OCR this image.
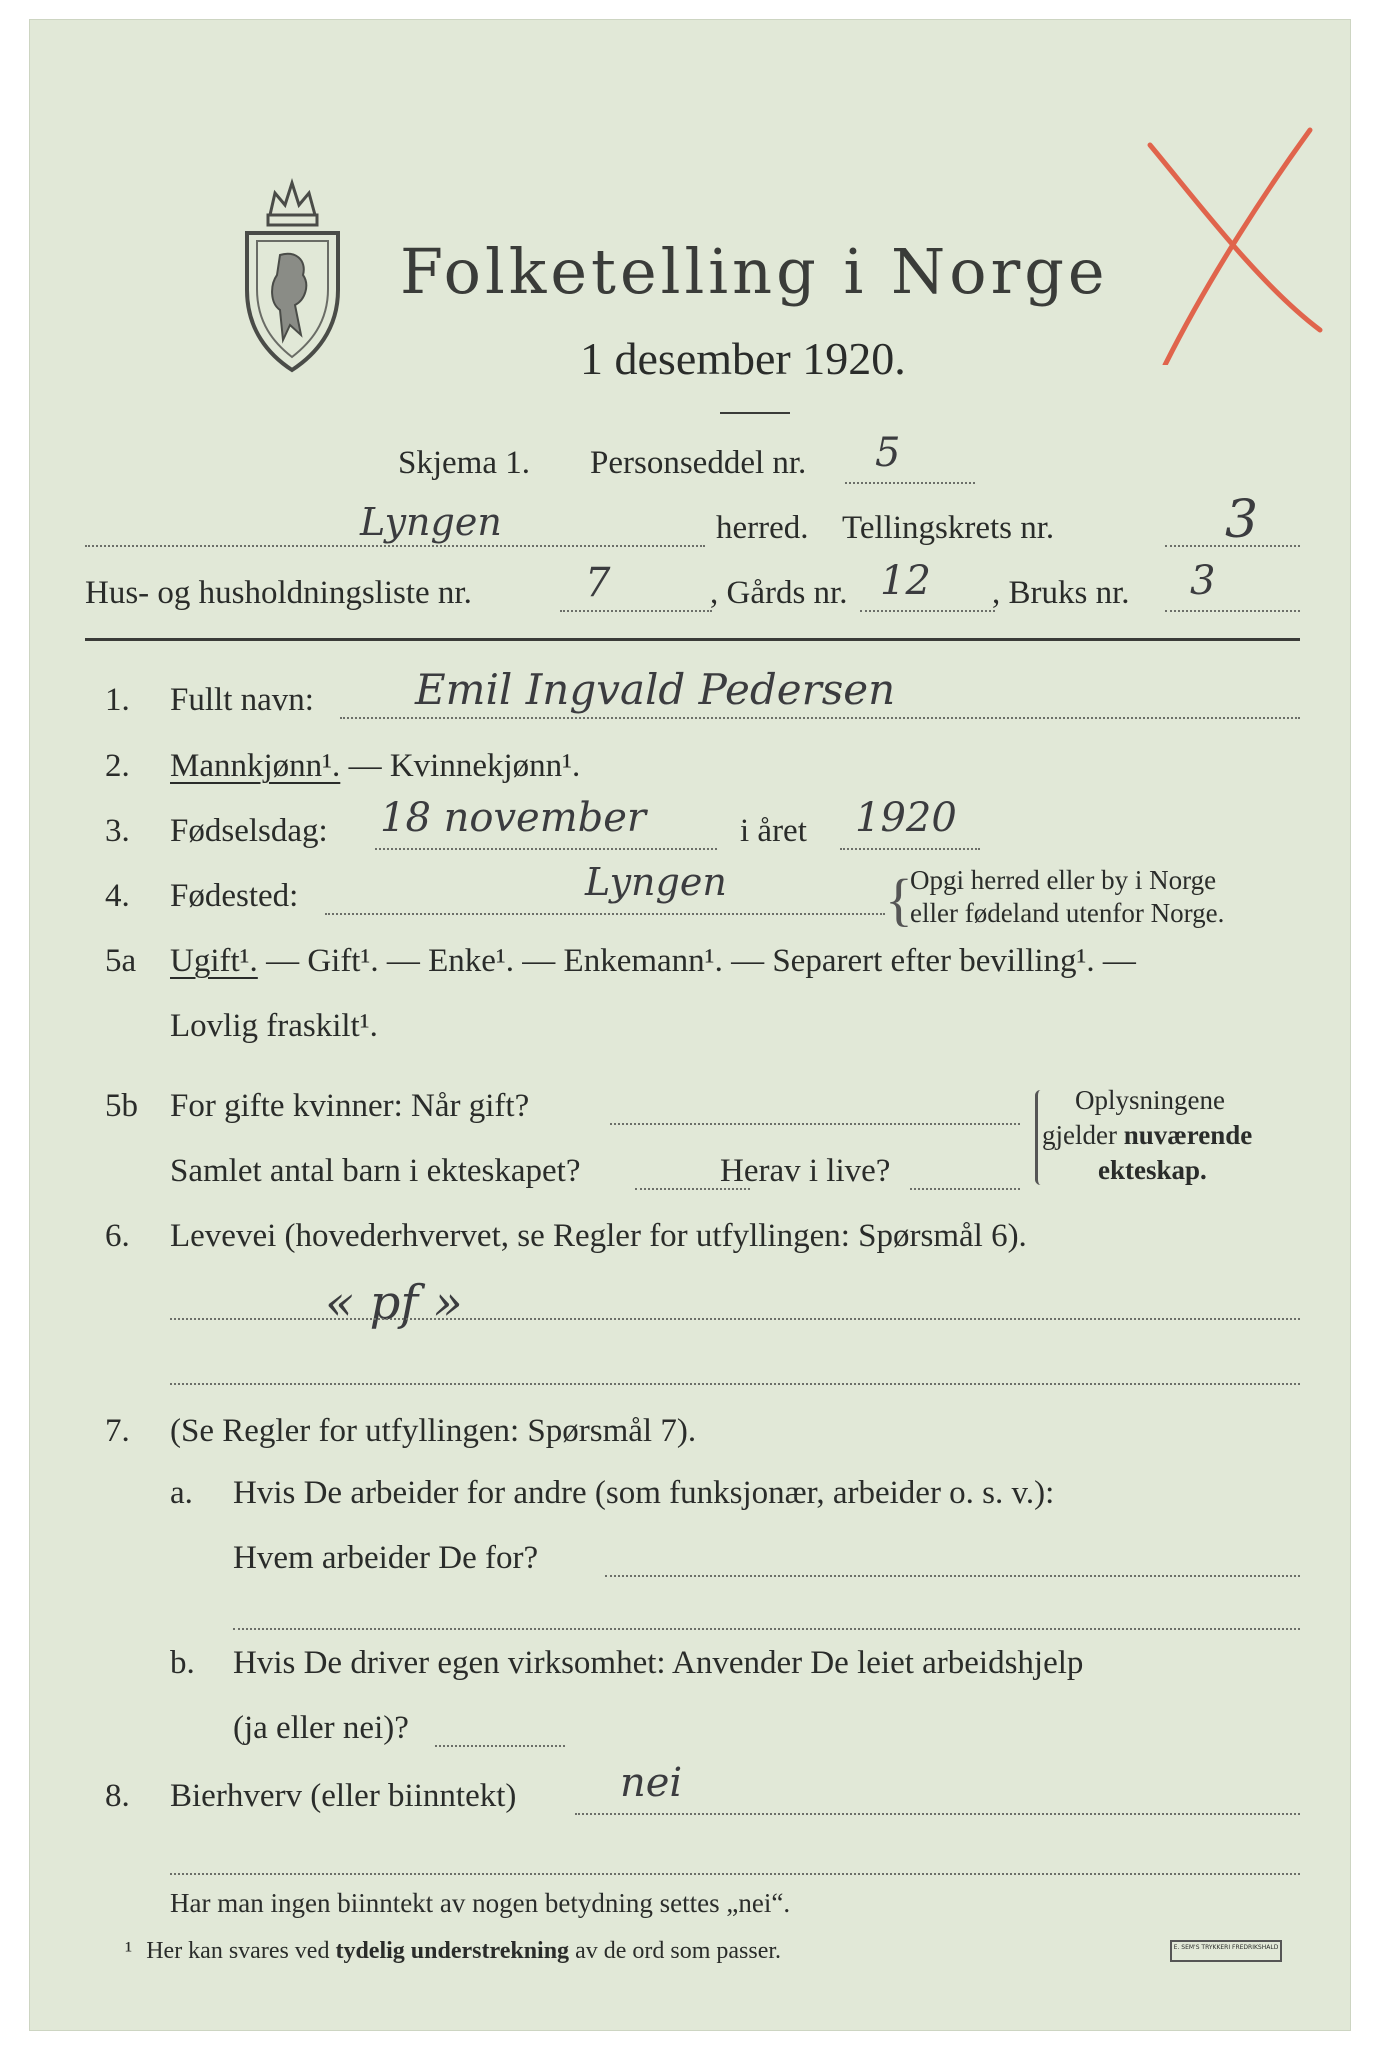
Folketelling i Norge
1 desember 1920.
Skjema 1. Personseddel nr. 5
Lyngen	herred. Tellingskrets nr.	3
Hus- og husholdningsliste nr.	7	, Gårds nr. 12 , Bruks nr. 3
1. Fullt navn: Emil Ingvald Pedersen
2. Mannkjønn¹. — Kvinnekjønn¹.
3. Fødselsdag: 18 november	i året 1920
4. Fødested:	Lyngen	{
Opgi herred eller by i Norge
eller fødeland utenfor Norge.
5a Ugift¹. — Gift¹. — Enke¹. — Enkemann¹. — Separert efter bevilling¹. —
Lovlig fraskilt¹.
5b For gifte kvinner: Når gift?
Samlet antal barn i ekteskapet?	Herav i live?
Oplysningene
gjelder nuværende
ekteskap.
6. Levevei (hovederhvervet, se Regler for utfyllingen: Spørsmål 6).
« pf »
7. (Se Regler for utfyllingen: Spørsmål 7).
a. Hvis De arbeider for andre (som funksjonær, arbeider o. s. v.):
Hvem arbeider De for?
b. Hvis De driver egen virksomhet: Anvender De leiet arbeidshjelp
(ja eller nei)?
8. Bierhverv (eller biinntekt)	nei
Har man ingen biinntekt av nogen betydning settes „nei“.
¹ Her kan svares ved tydelig understrekning av de ord som passer.	E. SEM'S TRYKKERI FREDRIKSHALD
